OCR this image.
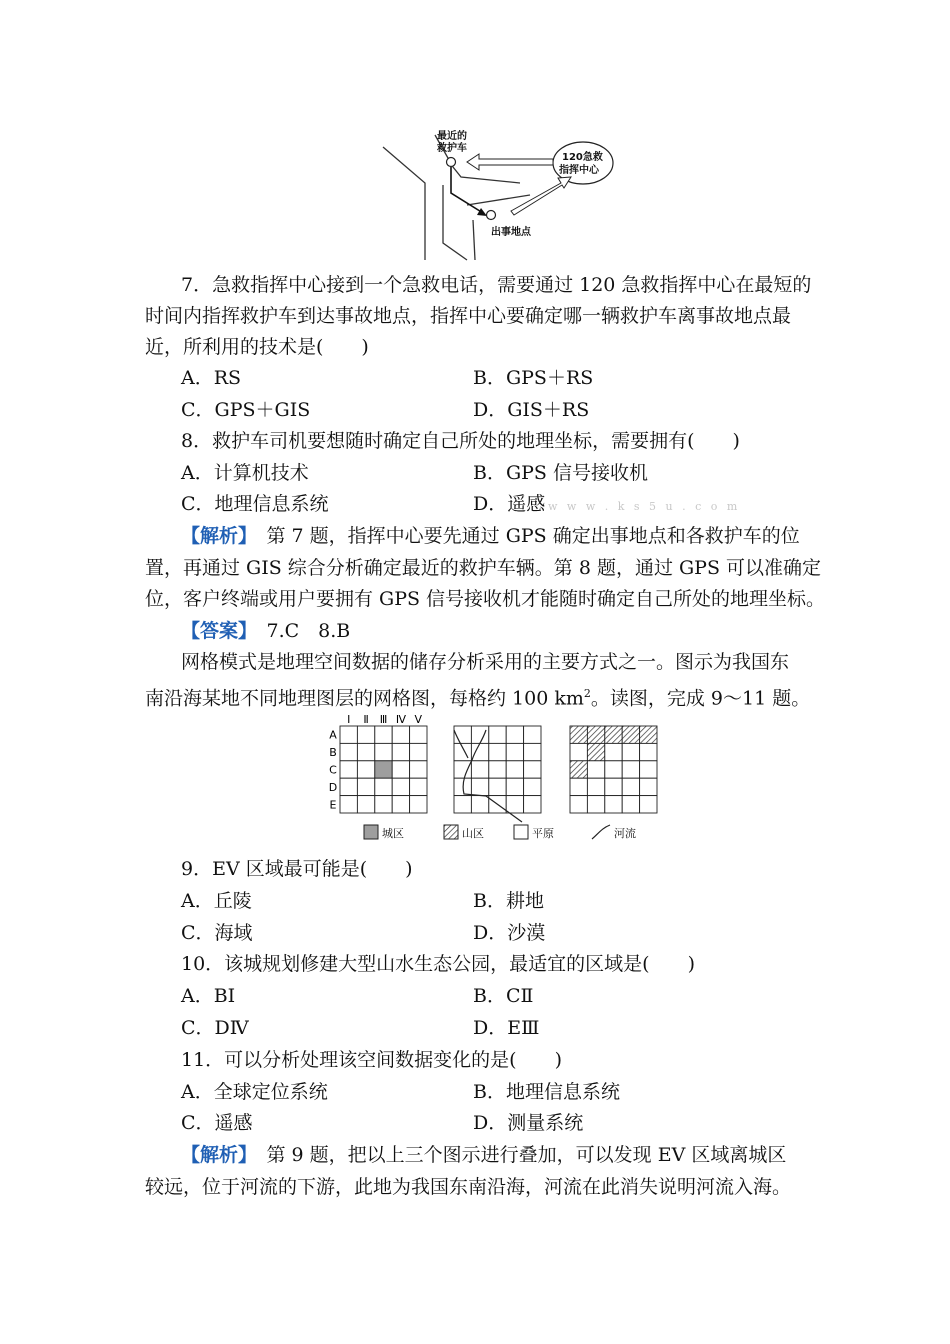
最近的
救护车
120急救
指挥中心
出事地点
7．急救指挥中心接到一个急救电话，需要通过 120 急救指挥中心在最短的
时间内指挥救护车到达事故地点，指挥中心要确定哪一辆救护车离事故地点最
近，所利用的技术是(　　)
A．RS	B．GPS＋RS
C．GPS＋GIS	D．GIS＋RS
8．救护车司机要想随时确定自己所处的地理坐标，需要拥有(　　)
A．计算机技术	B．GPS 信号接收机
C．地理信息系统	D．遥感 w w w . k s 5 u . c o m
【解析】　第 7 题，指挥中心要先通过 GPS 确定出事地点和各救护车的位
置，再通过 GIS 综合分析确定最近的救护车辆。第 8 题，通过 GPS 可以准确定
位，客户终端或用户要拥有 GPS 信号接收机才能随时确定自己所处的地理坐标。
【答案】　7.C　8.B
网格模式是地理空间数据的储存分析采用的主要方式之一。图示为我国东
南沿海某地不同地理图层的网格图，每格约 100 $km^2$。读图，完成 9～11 题。
Ⅰ Ⅱ Ⅲ Ⅳ Ⅴ
A
B
C
D
E
城区	山区	平原	河流
9．EV 区域最可能是(　　)
A．丘陵	B．耕地
C．海域	D．沙漠
10．该城规划修建大型山水生态公园，最适宜的区域是(　　)
A．BⅠ	B．CⅡ
C．DⅣ	D．EⅢ
11．可以分析处理该空间数据变化的是(　　)
A．全球定位系统	B．地理信息系统
C．遥感	D．测量系统
【解析】　第 9 题，把以上三个图示进行叠加，可以发现 EV 区域离城区
较远，位于河流的下游，此地为我国东南沿海，河流在此消失说明河流入海。
